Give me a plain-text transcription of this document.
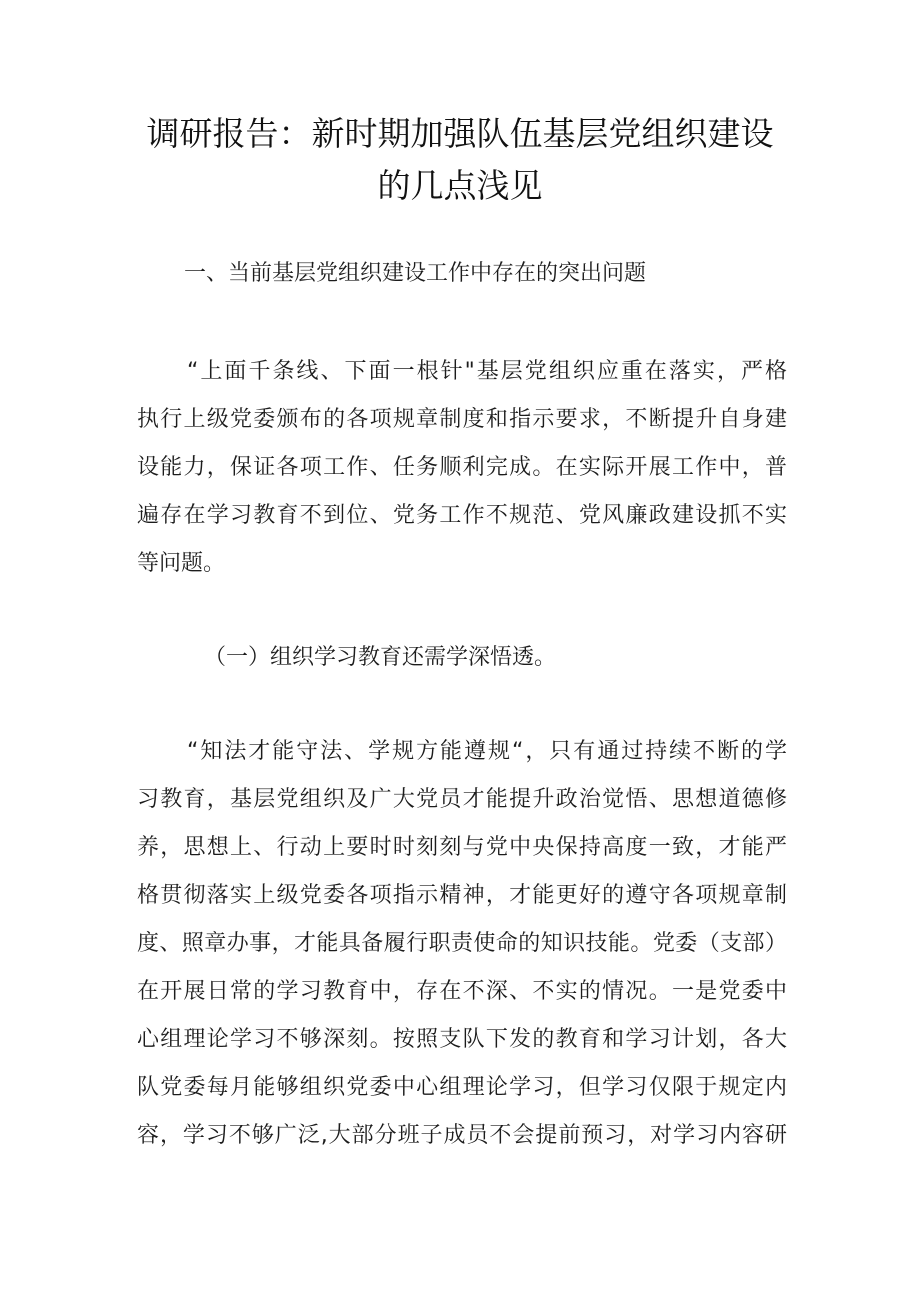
调研报告：新时期加强队伍基层党组织建设
的几点浅见

一、当前基层党组织建设工作中存在的突出问题

“上面千条线、下面一根针"基层党组织应重在落实，严格
执行上级党委颁布的各项规章制度和指示要求，不断提升自身建
设能力，保证各项工作、任务顺利完成。在实际开展工作中，普
遍存在学习教育不到位、党务工作不规范、党风廉政建设抓不实
等问题。

（一）组织学习教育还需学深悟透。

“知法才能守法、学规方能遵规“，只有通过持续不断的学
习教育，基层党组织及广大党员才能提升政治觉悟、思想道德修
养，思想上、行动上要时时刻刻与党中央保持高度一致，才能严
格贯彻落实上级党委各项指示精神，才能更好的遵守各项规章制
度、照章办事，才能具备履行职责使命的知识技能。党委（支部）
在开展日常的学习教育中，存在不深、不实的情况。一是党委中
心组理论学习不够深刻。按照支队下发的教育和学习计划，各大
队党委每月能够组织党委中心组理论学习，但学习仅限于规定内
容，学习不够广泛,大部分班子成员不会提前预习，对学习内容研
